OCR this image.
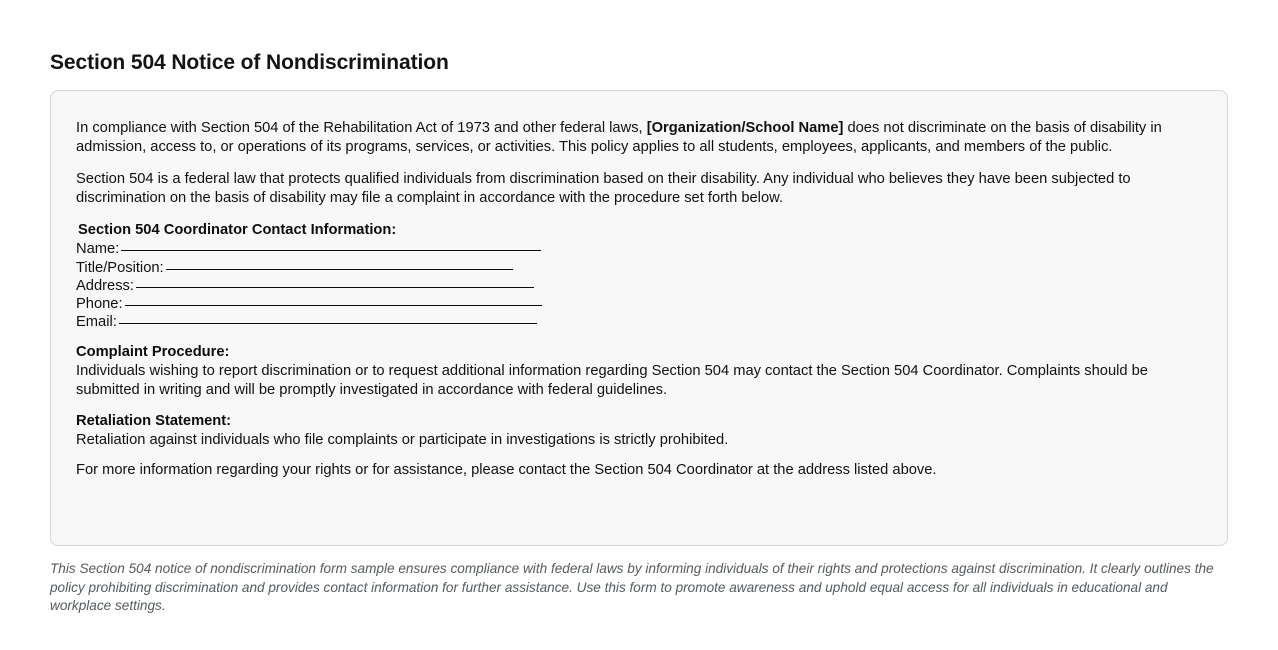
Section 504 Notice of Nondiscrimination

In compliance with Section 504 of the Rehabilitation Act of 1973 and other federal laws, [Organization/School Name] does not discriminate on the basis of disability in admission, access to, or operations of its programs, services, or activities. This policy applies to all students, employees, applicants, and members of the public.

Section 504 is a federal law that protects qualified individuals from discrimination based on their disability. Any individual who believes they have been subjected to discrimination on the basis of disability may file a complaint in accordance with the procedure set forth below.

Section 504 Coordinator Contact Information:
Name:
Title/Position:
Address:
Phone:
Email:
Complaint Procedure:

Individuals wishing to report discrimination or to request additional information regarding Section 504 may contact the Section 504 Coordinator. Complaints should be submitted in writing and will be promptly investigated in accordance with federal guidelines.

Retaliation Statement:

Retaliation against individuals who file complaints or participate in investigations is strictly prohibited.

For more information regarding your rights or for assistance, please contact the Section 504 Coordinator at the address listed above.

This Section 504 notice of nondiscrimination form sample ensures compliance with federal laws by informing individuals of their rights and protections against discrimination. It clearly outlines the policy prohibiting discrimination and provides contact information for further assistance. Use this form to promote awareness and uphold equal access for all individuals in educational and workplace settings.
